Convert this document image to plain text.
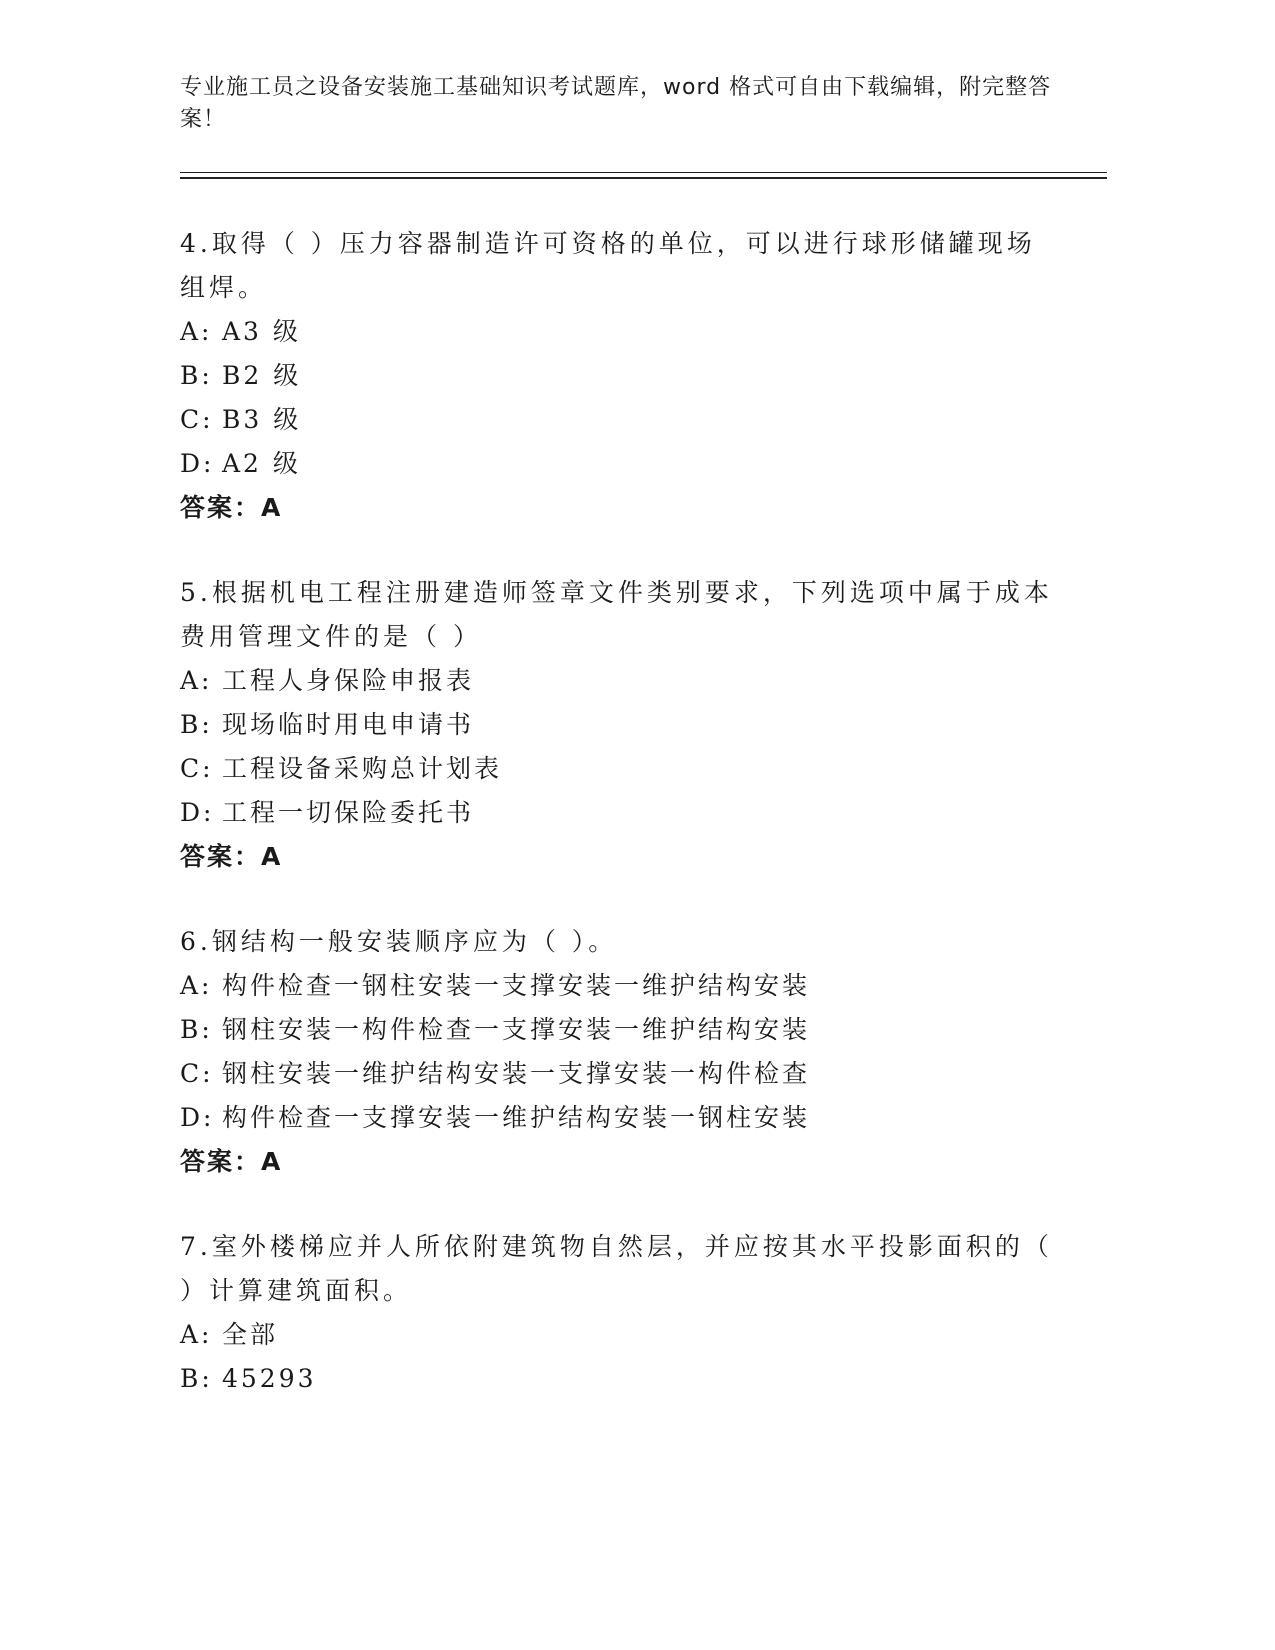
专业施工员之设备安装施工基础知识考试题库，word 格式可自由下载编辑，附完整答案！

4.取得（ ）压力容器制造许可资格的单位，可以进行球形储罐现场组焊。

A: A3 级
B: B2 级
C: B3 级
D: A2 级
答案：A

5.根据机电工程注册建造师签章文件类别要求，下列选项中属于成本费用管理文件的是（ ）

A: 工程人身保险申报表
B: 现场临时用电申请书
C: 工程设备采购总计划表
D: 工程一切保险委托书
答案：A

6.钢结构一般安装顺序应为（ ）。

A: 构件检查一钢柱安装一支撑安装一维护结构安装
B: 钢柱安装一构件检查一支撑安装一维护结构安装
C: 钢柱安装一维护结构安装一支撑安装一构件检查
D: 构件检查一支撑安装一维护结构安装一钢柱安装
答案：A

7.室外楼梯应并人所依附建筑物自然层，并应按其水平投影面积的（ ）计算建筑面积。

A: 全部
B: 45293
